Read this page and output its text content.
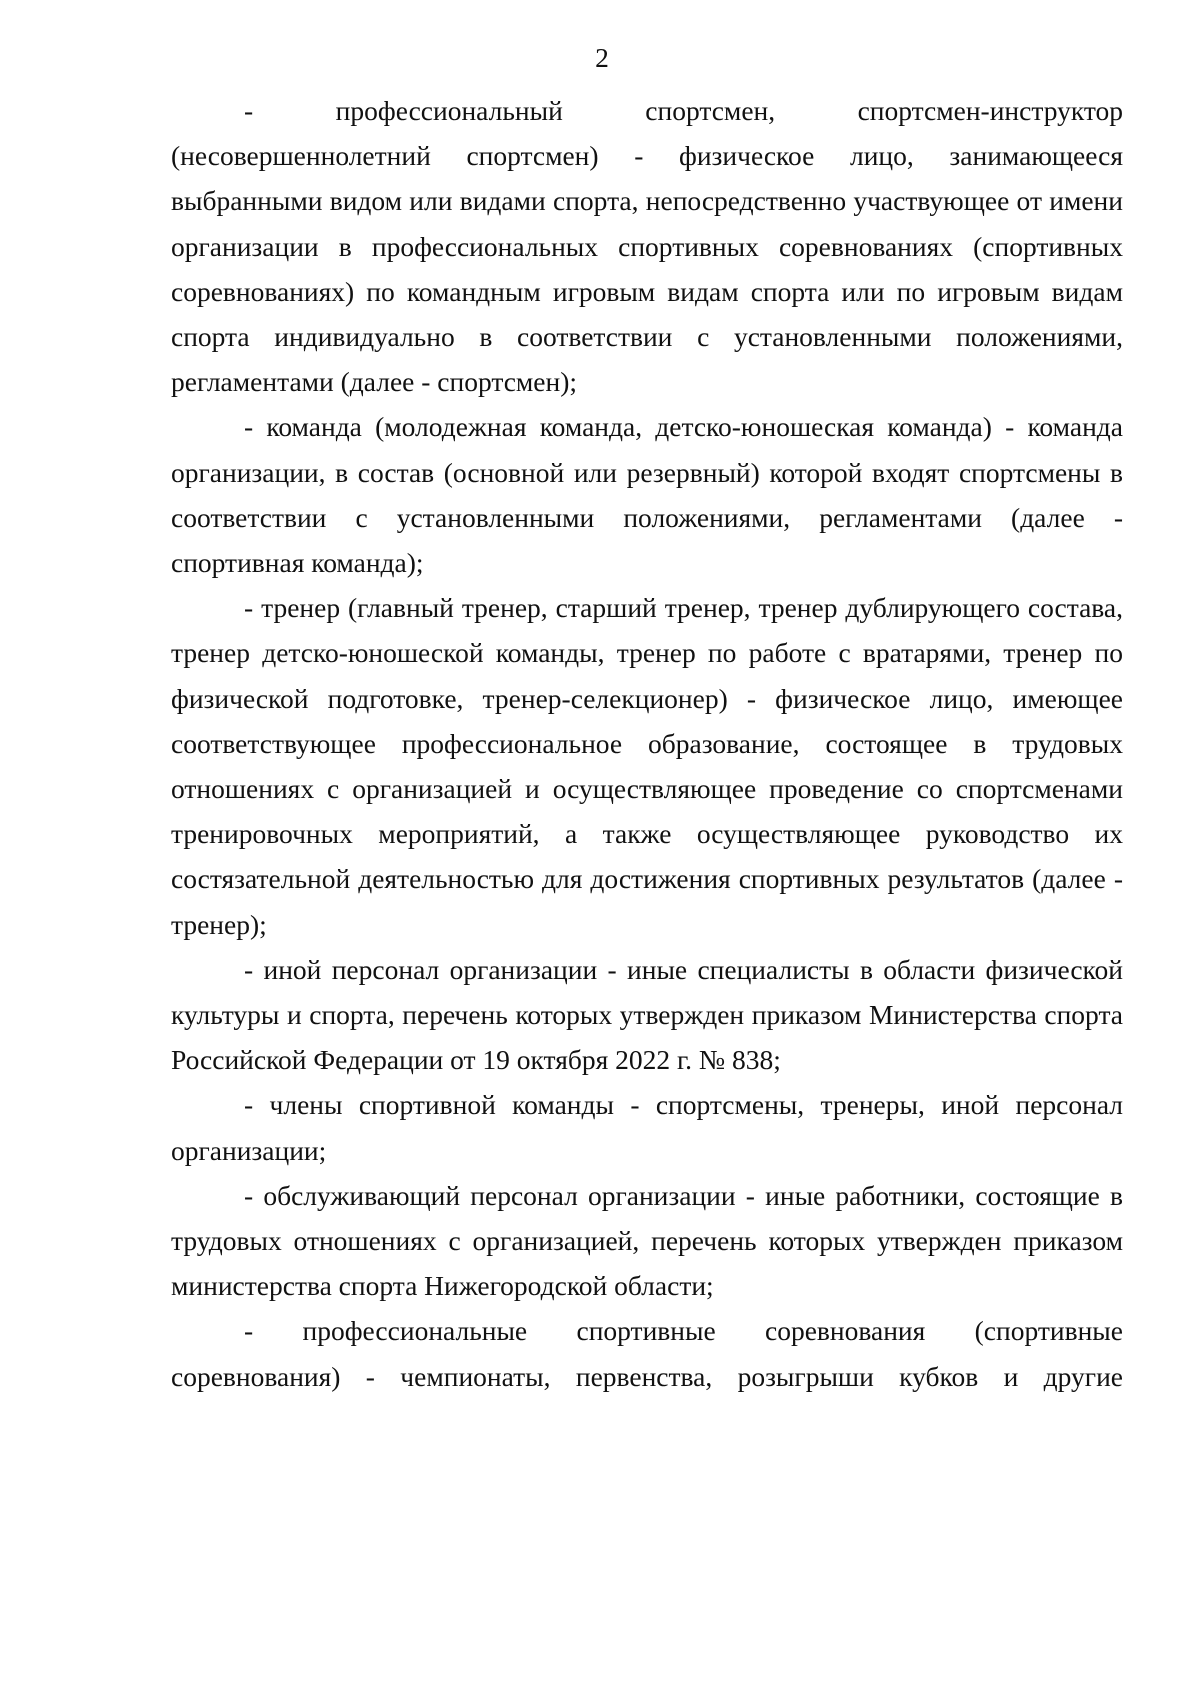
2

- профессиональный спортсмен, спортсмен-инструктор (несовершеннолетний спортсмен) - физическое лицо, занимающееся выбранными видом или видами спорта, непосредственно участвующее от имени организации в профессиональных спортивных соревнованиях (спортивных соревнованиях) по командным игровым видам спорта или по игровым видам спорта индивидуально в соответствии с установленными положениями, регламентами (далее - спортсмен);

- команда (молодежная команда, детско-юношеская команда) - команда организации, в состав (основной или резервный) которой входят спортсмены в соответствии с установленными положениями, регламентами (далее - спортивная команда);

- тренер (главный тренер, старший тренер, тренер дублирующего состава, тренер детско-юношеской команды, тренер по работе с вратарями, тренер по физической подготовке, тренер-селекционер) - физическое лицо, имеющее соответствующее профессиональное образование, состоящее в трудовых отношениях с организацией и осуществляющее проведение со спортсменами тренировочных мероприятий, а также осуществляющее руководство их состязательной деятельностью для достижения спортивных результатов (далее - тренер);

- иной персонал организации - иные специалисты в области физической культуры и спорта, перечень которых утвержден приказом Министерства спорта Российской Федерации от 19 октября 2022 г. № 838;

- члены спортивной команды - спортсмены, тренеры, иной персонал организации;

- обслуживающий персонал организации - иные работники, состоящие в трудовых отношениях с организацией, перечень которых утвержден приказом министерства спорта Нижегородской области;

- профессиональные спортивные соревнования (спортивные соревнования) - чемпионаты, первенства, розыгрыши кубков и другие
